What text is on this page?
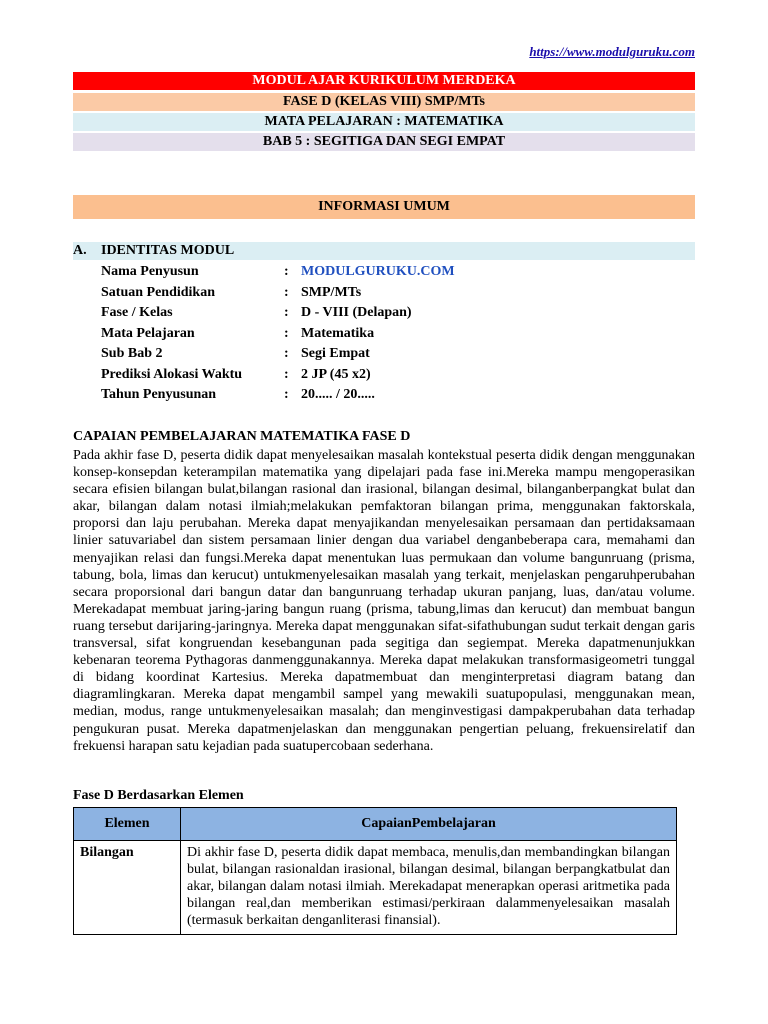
https://www.modulguruku.com
MODUL AJAR KURIKULUM MERDEKA
FASE D (KELAS VIII) SMP/MTs
MATA PELAJARAN : MATEMATIKA
BAB 5 : SEGITIGA DAN SEGI EMPAT
INFORMASI UMUM
A. IDENTITAS MODUL
Nama Penyusun	: MODULGURUKU.COM
Satuan Pendidikan	: SMP/MTs
Fase / Kelas	: D - VIII (Delapan)
Mata Pelajaran	: Matematika
Sub Bab 2	: Segi Empat
Prediksi Alokasi Waktu	: 2 JP (45 x2)
Tahun Penyusunan	: 20..... / 20.....
CAPAIAN PEMBELAJARAN MATEMATIKA FASE D
Pada akhir fase D, peserta didik dapat menyelesaikan masalah kontekstual peserta didik dengan menggunakan konsep-konsepdan keterampilan matematika yang dipelajari pada fase ini.Mereka mampu mengoperasikan secara efisien bilangan bulat,bilangan rasional dan irasional, bilangan desimal, bilanganberpangkat bulat dan akar, bilangan dalam notasi ilmiah;melakukan pemfaktoran bilangan prima, menggunakan faktorskala, proporsi dan laju perubahan. Mereka dapat menyajikandan menyelesaikan persamaan dan pertidaksamaan linier satuvariabel dan sistem persamaan linier dengan dua variabel denganbeberapa cara, memahami dan menyajikan relasi dan fungsi.Mereka dapat menentukan luas permukaan dan volume bangunruang (prisma, tabung, bola, limas dan kerucut) untukmenyelesaikan masalah yang terkait, menjelaskan pengaruhperubahan secara proporsional dari bangun datar dan bangunruang terhadap ukuran panjang, luas, dan/atau volume. Merekadapat membuat jaring-jaring bangun ruang (prisma, tabung,limas dan kerucut) dan membuat bangun ruang tersebut darijaring-jaringnya. Mereka dapat menggunakan sifat-sifathubungan sudut terkait dengan garis transversal, sifat kongruendan kesebangunan pada segitiga dan segiempat. Mereka dapatmenunjukkan kebenaran teorema Pythagoras danmenggunakannya. Mereka dapat melakukan transformasigeometri tunggal di bidang koordinat Kartesius. Mereka dapatmembuat dan menginterpretasi diagram batang dan diagramlingkaran. Mereka dapat mengambil sampel yang mewakili suatupopulasi, menggunakan mean, median, modus, range untukmenyelesaikan masalah; dan menginvestigasi dampakperubahan data terhadap pengukuran pusat. Mereka dapatmenjelaskan dan menggunakan pengertian peluang, frekuensirelatif dan frekuensi harapan satu kejadian pada suatupercobaan sederhana.
Fase D Berdasarkan Elemen
Elemen	CapaianPembelajaran
Bilangan	Di akhir fase D, peserta didik dapat membaca, menulis,dan membandingkan bilangan bulat, bilangan rasionaldan irasional, bilangan desimal, bilangan berpangkatbulat dan akar, bilangan dalam notasi ilmiah. Merekadapat menerapkan operasi aritmetika pada bilangan real,dan memberikan estimasi/perkiraan dalammenyelesaikan masalah (termasuk berkaitan denganliterasi finansial).
